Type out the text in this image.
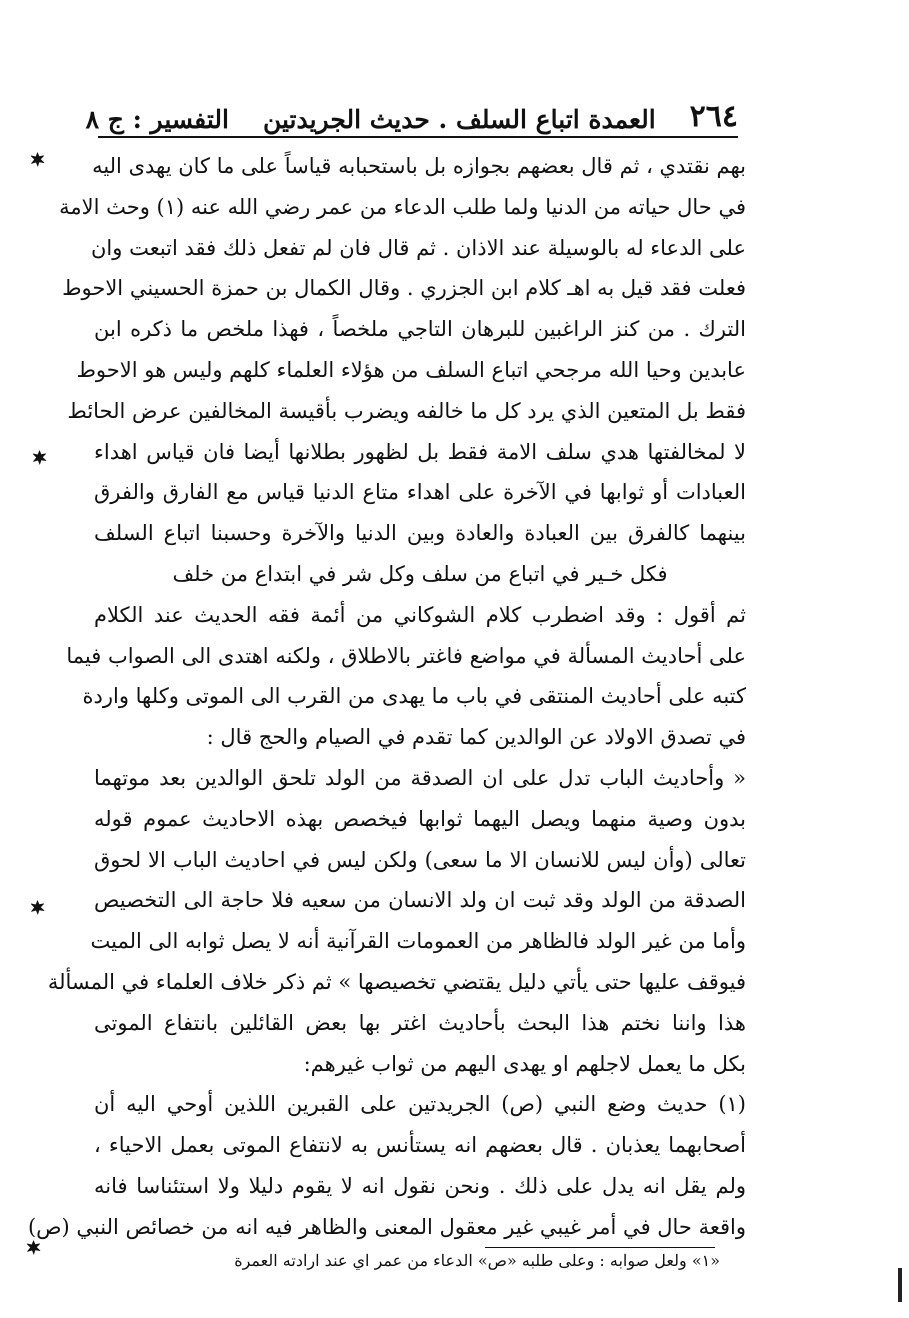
٢٦٤
العمدة اتباع السلف . حديث الجريدتين
التفسير : ج ٨
بهم نقتدي ، ثم قال بعضهم بجوازه بل باستحبابه قياساً على ما كان يهدى اليه
في حال حياته من الدنيا ولما طلب الدعاء من عمر رضي الله عنه (١) وحث الامة
على الدعاء له بالوسيلة عند الاذان . ثم قال فان لم تفعل ذلك فقد اتبعت وان
فعلت فقد قيل به اهـ كلام ابن الجزري . وقال الكمال بن حمزة الحسيني الاحوط
الترك . من كنز الراغبين للبرهان التاجي ملخصاً ، فهذا ملخص ما ذكره ابن
عابدين وحيا الله مرجحي اتباع السلف من هؤلاء العلماء كلهم وليس هو الاحوط
فقط بل المتعين الذي يرد كل ما خالفه ويضرب بأقيسة المخالفين عرض الحائط
لا لمخالفتها هدي سلف الامة فقط بل لظهور بطلانها أيضا فان قياس اهداء
العبادات أو ثوابها في الآخرة على اهداء متاع الدنيا قياس مع الفارق والفرق
بينهما كالفرق بين العبادة والعادة وبين الدنيا والآخرة وحسبنا اتباع السلف
فكل خـير في اتباع من سلف وكل شر في ابتداع من خلف
ثم أقول : وقد اضطرب كلام الشوكاني من أئمة فقه الحديث عند الكلام
على أحاديث المسألة في مواضع فاغتر بالاطلاق ، ولكنه اهتدى الى الصواب فيما
كتبه على أحاديث المنتقى في باب ما يهدى من القرب الى الموتى وكلها واردة
في تصدق الاولاد عن الوالدين كما تقدم في الصيام والحج قال :
« وأحاديث الباب تدل على ان الصدقة من الولد تلحق الوالدين بعد موتهما
بدون وصية منهما ويصل اليهما ثوابها فيخصص بهذه الاحاديث عموم قوله
تعالى (وأن ليس للانسان الا ما سعى) ولكن ليس في احاديث الباب الا لحوق
الصدقة من الولد وقد ثبت ان ولد الانسان من سعيه فلا حاجة الى التخصيص
وأما من غير الولد فالظاهر من العمومات القرآنية أنه لا يصل ثوابه الى الميت
فيوقف عليها حتى يأتي دليل يقتضي تخصيصها » ثم ذكر خلاف العلماء في المسألة
هذا واننا نختم هذا البحث بأحاديث اغتر بها بعض القائلين بانتفاع الموتى
بكل ما يعمل لاجلهم او يهدى اليهم من ثواب غيرهم:
(١) حديث وضع النبي (ص) الجريدتين على القبرين اللذين أوحي اليه أن
أصحابهما يعذبان . قال بعضهم انه يستأنس به لانتفاع الموتى بعمل الاحياء ،
ولم يقل انه يدل على ذلك . ونحن نقول انه لا يقوم دليلا ولا استئناسا فانه
واقعة حال في أمر غيبي غير معقول المعنى والظاهر فيه انه من خصائص النبي (ص)
«١» ولعل صوابه : وعلى طلبه «ص» الدعاء من عمر اي عند ارادته العمرة
